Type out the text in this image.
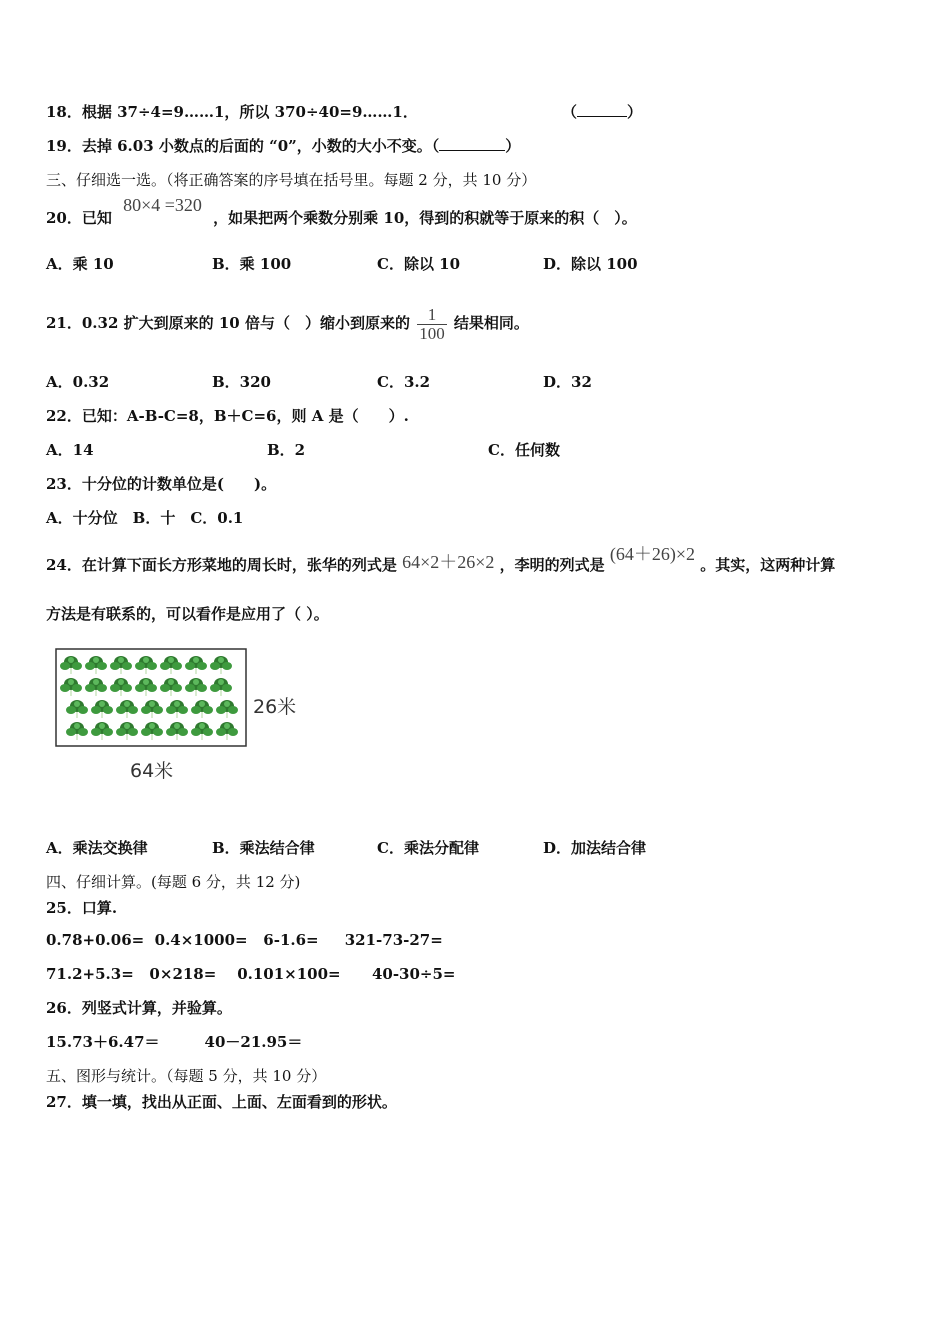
18．根据 37÷4=9……1，所以 370÷40=9……1．	（	）
19．去掉 6.03 小数点的后面的 “0”，小数的大小不变。（	）
三、仔细选一选。（将正确答案的序号填在括号里。每题 2 分，共 10 分）
20．已知 80×4 =320 ，如果把两个乘数分别乘 10，得到的积就等于原来的积（　）。
A．乘 10	B．乘 100	C．除以 10	D．除以 100
21．0.32 扩大到原来的 10 倍与（　）缩小到原来的 $\frac{1}{100}$ 结果相同。
A．0.32	B．320	C．3.2	D．32
22．已知：A-B-C=8，B＋C=6，则 A 是（　　）.
A．14	B．2	C．任何数
23．十分位的计数单位是(　　)。
A．十分位　B．十　C．0.1
24．在计算下面长方形菜地的周长时，张华的列式是 64×2＋26×2 ，李明的列式是 (64＋26)×2 。其实，这两种计算
方法是有联系的，可以看作是应用了（ ）。
26米
64米
A．乘法交换律	B．乘法结合律	C．乘法分配律	D．加法结合律
四、仔细计算。(每题 6 分，共 12 分)
25．口算.
0.78+0.06=  0.4×1000=   6-1.6=     321-73-27=
71.2+5.3=   0×218=    0.101×100=      40-30÷5=
26．列竖式计算，并验算。
15.73＋6.47＝　　　40－21.95＝
五、图形与统计。（每题 5 分，共 10 分）
27．填一填，找出从正面、上面、左面看到的形状。
